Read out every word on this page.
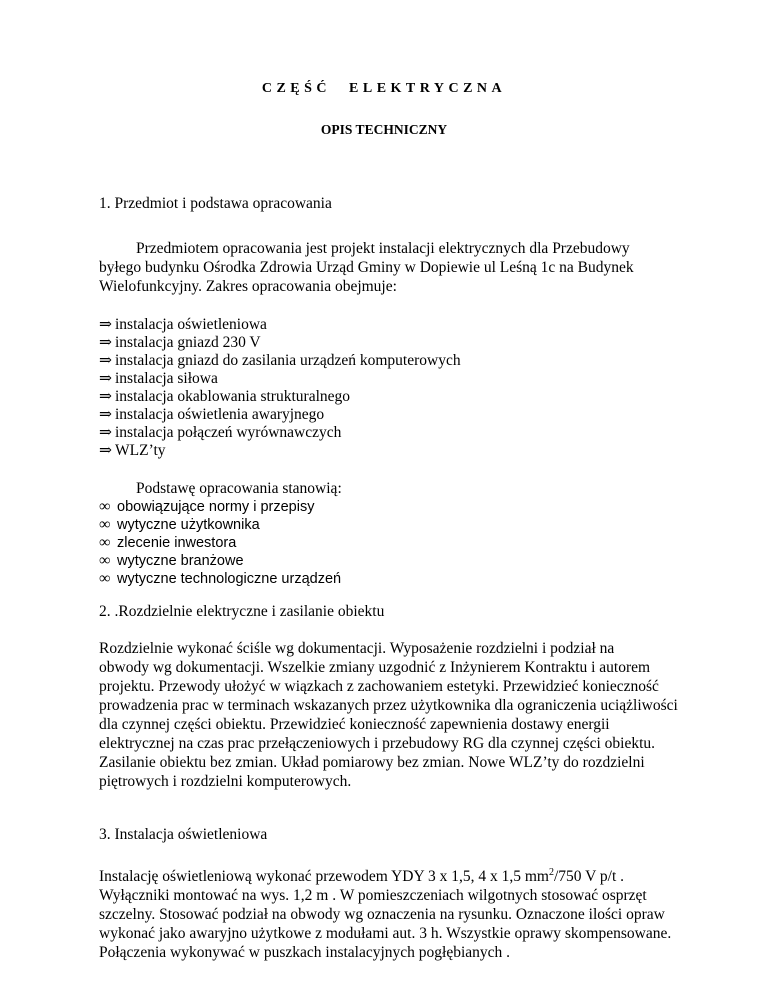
CZĘŚĆ ELEKTRYCZNA
OPIS TECHNICZNY
1. Przedmiot i podstawa opracowania
Przedmiotem opracowania jest projekt instalacji elektrycznych dla Przebudowy
byłego budynku Ośrodka Zdrowia Urząd Gminy w Dopiewie ul Leśną 1c na Budynek
Wielofunkcyjny. Zakres opracowania obejmuje:
⇒ instalacja oświetleniowa
⇒ instalacja gniazd 230 V
⇒ instalacja gniazd do zasilania urządzeń komputerowych
⇒ instalacja siłowa
⇒ instalacja okablowania strukturalnego
⇒ instalacja oświetlenia awaryjnego
⇒ instalacja połączeń wyrównawczych
⇒ WLZ’ty
Podstawę opracowania stanowią:
∞ obowiązujące normy i przepisy
∞ wytyczne użytkownika
∞ zlecenie inwestora
∞ wytyczne branżowe
∞ wytyczne technologiczne urządzeń
2. .Rozdzielnie elektryczne i zasilanie obiektu
Rozdzielnie wykonać ściśle wg dokumentacji. Wyposażenie rozdzielni i podział na
obwody wg dokumentacji. Wszelkie zmiany uzgodnić z Inżynierem Kontraktu i autorem
projektu. Przewody ułożyć w wiązkach z zachowaniem estetyki. Przewidzieć konieczność
prowadzenia prac w terminach wskazanych przez użytkownika dla ograniczenia uciążliwości
dla czynnej części obiektu. Przewidzieć konieczność zapewnienia dostawy energii
elektrycznej na czas prac przełączeniowych i przebudowy RG dla czynnej części obiektu.
Zasilanie obiektu bez zmian. Układ pomiarowy bez zmian. Nowe WLZ’ty do rozdzielni
piętrowych i rozdzielni komputerowych.
3. Instalacja oświetleniowa
Instalację oświetleniową wykonać przewodem YDY 3 x 1,5, 4 x 1,5 $mm^2/750$ V p/t .
Wyłączniki montować na wys. 1,2 m . W pomieszczeniach wilgotnych stosować osprzęt
szczelny. Stosować podział na obwody wg oznaczenia na rysunku. Oznaczone ilości opraw
wykonać jako awaryjno użytkowe z modułami aut. 3 h. Wszystkie oprawy skompensowane.
Połączenia wykonywać w puszkach instalacyjnych pogłębianych .
